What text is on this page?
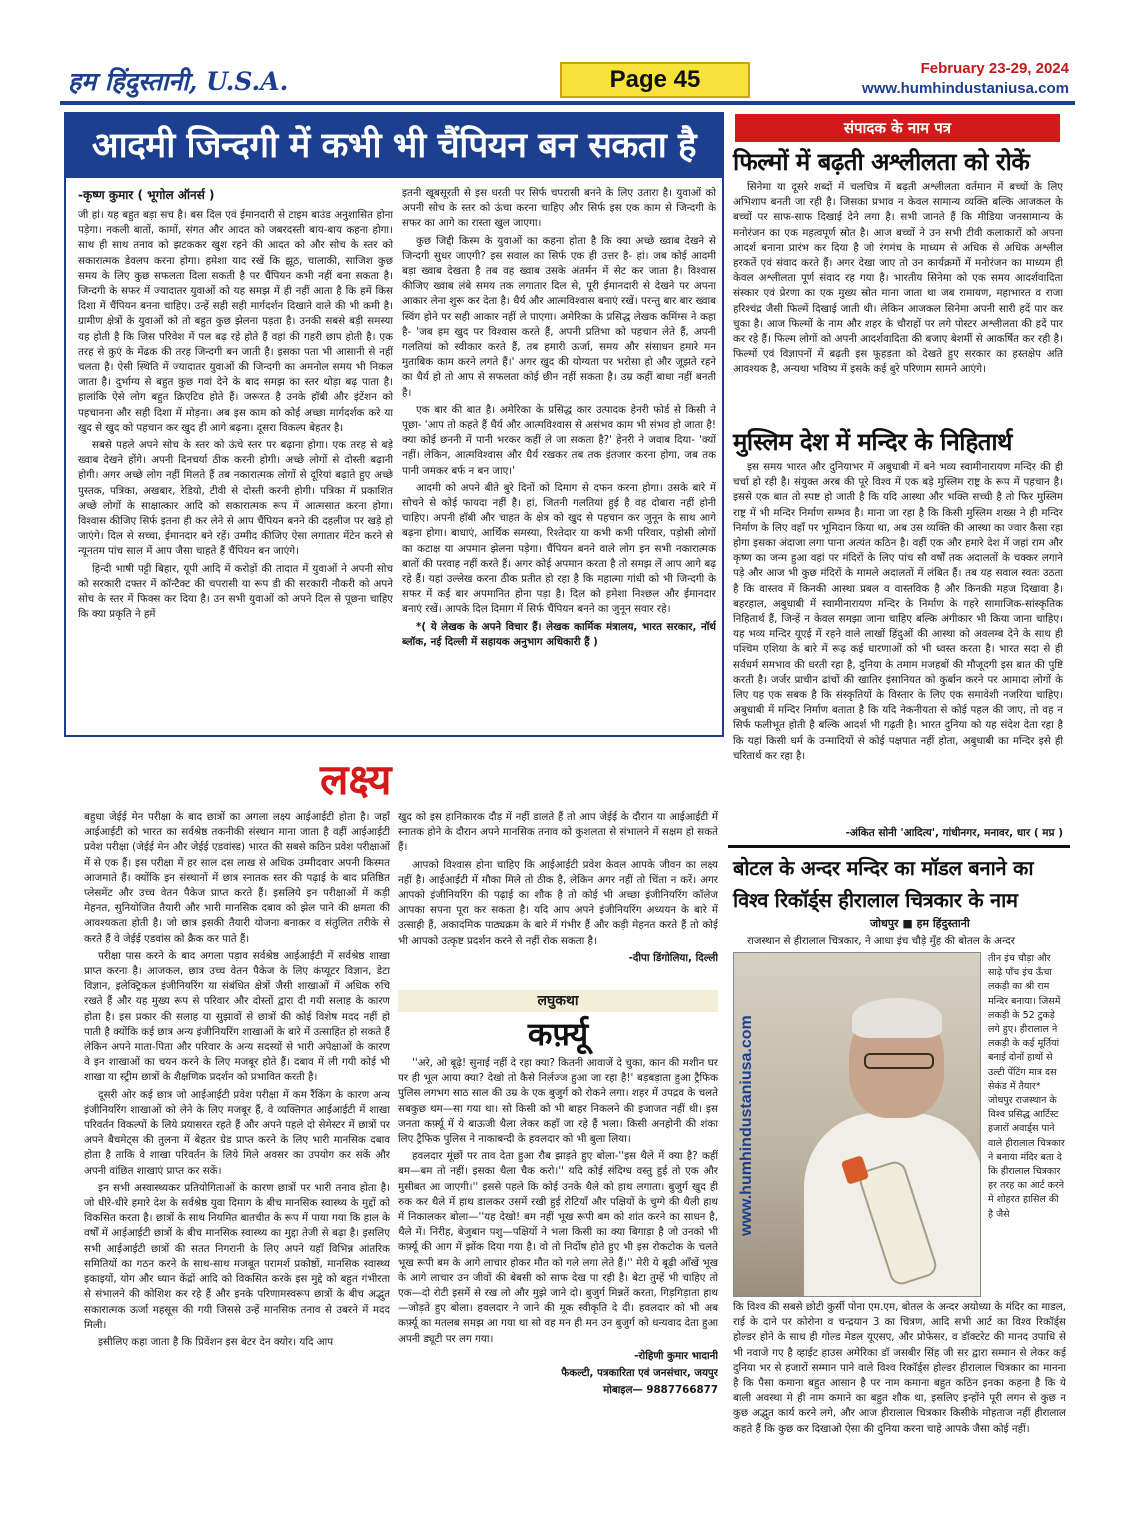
हम हिंदुस्तानी, U.S.A.	Page 45	February 23-29, 2024
www.humhindustaniusa.com
आदमी जिन्दगी में कभी भी चैंपियन बन सकता है
-कृष्ण कुमार ( भूगोल ऑनर्स )

जी हां। यह बहुत बड़ा सच है। बस दिल एवं ईमानदारी से टाइम बाउंड अनुशासित होना पड़ेगा। नकली बातों, कामों, संगत और आदत को जबरदस्ती बाय-बाय कहना होगा। साथ ही साथ तनाव को झटककर खुश रहने की आदत को और सोच के स्तर को सकारात्मक डेवलप करना होगा। हमेशा याद रखें कि झूठ, चालाकी, साजिश कुछ समय के लिए कुछ सफलता दिला सकती है पर चैंपियन कभी नहीं बना सकता है। जिन्दगी के सफर में ज्यादातर युवाओं को यह समझ में ही नहीं आता है कि हमें किस दिशा में चैंपियन बनना चाहिए। उन्हें सही सही मार्गदर्शन दिखाने वाले की भी कमी है। ग्रामीण क्षेत्रों के युवाओं को तो बहुत कुछ झेलना पड़ता है। उनकी सबसे बड़ी समस्या यह होती है कि जिस परिवेश में पल बढ़ रहे होते हैं वहां की गहरी छाप होती है। एक तरह से कुएं के मेंढक की तरह जिन्दगी बन जाती है। इसका पता भी आसानी से नहीं चलता है। ऐसी स्थिति में ज्यादातर युवाओं की जिन्दगी का अमनोल समय भी निकल जाता है। दुर्भाग्य से बहुत कुछ गवां देने के बाद समझ का स्तर थोड़ा बढ़ पाता है। हालांकि ऐसे लोग बहुत क्रिएटिव होते हैं। जरूरत है उनके हॉबी और इंटेंशन को पहचानना और सही दिशा में मोड़ना। अब इस काम को कोई अच्छा मार्गदर्शक करे या खुद से खुद को पहचान कर खुद ही आगे बढ़ना। दूसरा विकल्प बेहतर है।

सबसे पहले अपने सोच के स्तर को ऊंचे स्तर पर बढ़ाना होगा। एक तरह से बड़े ख्वाब देखने होंगे। अपनी दिनचर्या ठीक करनी होगी। अच्छे लोगों से दोस्ती बढ़ानी होगी। अगर अच्छे लोग नहीं मिलते हैं तब नकारात्मक लोगों से दूरियां बढ़ाते हुए अच्छे पुस्तक, पत्रिका, अखबार, रेडियो, टीवी से दोस्ती करनी होगी। पत्रिका में प्रकाशित अच्छे लोगों के साक्षात्कार आदि को सकारात्मक रूप में आत्मसात करना होगा। विश्वास कीजिए सिर्फ इतना ही कर लेने से आप चैंपियन बनने की दहलीज पर खड़े हो जाएंगे। दिल से सच्चा, ईमानदार बने रहें। उम्मीद कीजिए ऐसा लगातार मेंटेन करने से न्यूनतम पांच साल में आप जैसा चाहते हैं चैंपियन बन जाएंगे।

हिन्दी भाषी पट्टी बिहार, यूपी आदि में करोड़ों की तादात में युवाओं ने अपनी सोच को सरकारी दफ्तर में कॉन्टैक्ट की चपरासी या रूप डी की सरकारी नौकरी को अपने सोच के स्तर में फिक्स कर दिया है। उन सभी युवाओं को अपने दिल से पूछना चाहिए कि क्या प्रकृति ने हमें

इतनी खूबसूरती से इस धरती पर सिर्फ चपरासी बनने के लिए उतारा है। युवाओं को अपनी सोच के स्तर को ऊंचा करना चाहिए और सिर्फ इस एक काम से जिन्दगी के सफर का आगे का रास्ता खुल जाएगा।

कुछ जिद्दी किस्म के युवाओं का कहना होता है कि क्या अच्छे ख्वाब देखने से जिन्दगी सुधर जाएगी? इस सवाल का सिर्फ एक ही उत्तर है- हां। जब कोई आदमी बड़ा ख्वाब देखता है तब वह ख्वाब उसके अंतर्मन में सेट कर जाता है। विश्वास कीजिए ख्वाब लंबे समय तक लगातार दिल से, पूरी ईमानदारी से देखने पर अपना आकार लेना शुरू कर देता है। धैर्य और आत्मविश्वास बनाएं रखें। परन्तु बार बार ख्वाब स्विंग होने पर सही आकार नहीं ले पाएगा। अमेरिका के प्रसिद्ध लेखक कमिंग्स ने कहा है- 'जब हम खुद पर विश्वास करते हैं, अपनी प्रतिभा को पहचान लेते हैं, अपनी गलतियां को स्वीकार करते हैं, तब हमारी ऊर्जा, समय और संसाधन हमारे मन मुताबिक काम करने लगते हैं।' अगर खुद की योग्यता पर भरोसा हो और जूझते रहने का धैर्य हो तो आप से सफलता कोई छीन नहीं सकता है। उम्र कहीं बाधा नहीं बनती है।

एक बार की बात है। अमेरिका के प्रसिद्ध कार उत्पादक हेनरी फोर्ड से किसी ने पूछा- 'आप तो कहते हैं धैर्य और आत्मविश्वास से असंभव काम भी संभव हो जाता है! क्या कोई छननी में पानी भरकर कहीं ले जा सकता है?' हेनरी ने जवाब दिया- 'क्यों नहीं। लेकिन, आत्मविश्वास और धैर्य रखकर तब तक इंतजार करना होगा, जब तक पानी जमकर बर्फ न बन जाए।'

आदमी को अपने बीते बुरे दिनों को दिमाग से दफन करना होगा। उसके बारे में सोचने से कोई फायदा नहीं है। हां, जितनी गलतियां हुई है वह दोबारा नहीं होनी चाहिए। अपनी हॉबी और चाहत के क्षेत्र को खुद से पहचान कर जुनून के साथ आगे बढ़ना होगा। बाधाएं, आर्थिक समस्या, रिश्तेदार या कभी कभी परिवार, पड़ोसी लोगों का कटाक्ष या अपमान झेलना पड़ेगा। चैंपियन बनने वाले लोग इन सभी नकारात्मक बातों की परवाह नहीं करते हैं। अगर कोई अपमान करता है तो समझ लें आप आगे बढ़ रहे हैं। यहां उल्लेख करना ठीक प्रतीत हो रहा है कि महात्मा गांधी को भी जिन्दगी के सफर में कई बार अपमानित होना पड़ा है। दिल को हमेशा निश्छल और ईमानदार बनाएं रखें। आपके दिल दिमाग में सिर्फ चैंपियन बनने का जुनून सवार रहे।

*( ये लेखक के अपने विचार हैं। लेखक कार्मिक मंत्रालय, भारत सरकार, नॉर्थ ब्लॉक, नई दिल्ली में सहायक अनुभाग अधिकारी हैं )

लक्ष्य

बहुधा जेईई मेन परीक्षा के बाद छात्रों का अगला लक्ष्य आईआईटी होता है। जहाँ आईआईटी को भारत का सर्वश्रेष्ठ तकनीकी संस्थान माना जाता है वहीं आईआईटी प्रवेश परीक्षा (जेईई मेन और जेईई एडवांस्ड) भारत की सबसे कठिन प्रवेश परीक्षाओं में से एक हैं। इस परीक्षा में हर साल दस लाख से अधिक उम्मीदवार अपनी किस्मत आजमाते हैं। क्योंकि इन संस्थानों में छात्र स्नातक स्तर की पढ़ाई के बाद प्रतिष्ठित प्लेसमेंट और उच्च वेतन पैकेज प्राप्त करते हैं। इसलिये इन परीक्षाओं में कड़ी मेहनत, सुनियोजित तैयारी और भारी मानसिक दबाव को झेल पाने की क्षमता की आवश्यकता होती है। जो छात्र इसकी तैयारी योजना बनाकर व संतुलित तरीके से करते हैं वे जेईई एडवांस को क्रैक कर पाते हैं।

परीक्षा पास करने के बाद अगला पड़ाव सर्वश्रेष्ठ आईआईटी में सर्वश्रेष्ठ शाखा प्राप्त करना है। आजकल, छात्र उच्च वेतन पैकेज के लिए कंप्यूटर विज्ञान, डेटा विज्ञान, इलेक्ट्रिकल इंजीनियरिंग या संबंधित क्षेत्रों जैसी शाखाओं में अधिक रुचि रखते हैं और यह मुख्य रूप से परिवार और दोस्तों द्वारा दी गयी सलाह के कारण होता है। इस प्रकार की सलाह या सुझावों से छात्रों की कोई विशेष मदद नहीं हो पाती है क्योंकि कई छात्र अन्य इंजीनियरिंग शाखाओं के बारे में उत्साहित हो सकते हैं लेकिन अपने माता-पिता और परिवार के अन्य सदस्यों से भारी अपेक्षाओं के कारण वे इन शाखाओं का चयन करने के लिए मजबूर होते हैं। दबाव में ली गयी कोई भी शाखा या स्ट्रीम छात्रों के शैक्षणिक प्रदर्शन को प्रभावित करती है।

दूसरी ओर कई छात्र जो आईआईटी प्रवेश परीक्षा में कम रैंकिंग के कारण अन्य इंजीनियरिंग शाखाओं को लेने के लिए मजबूर हैं, वे व्यक्तिगत आईआईटी में शाखा परिवर्तन विकल्पों के लिये प्रयासरत रहते हैं और अपने पहले दो सेमेस्टर में छात्रों पर अपने बैचमेट्स की तुलना में बेहतर ग्रेड प्राप्त करने के लिए भारी मानसिक दबाव होता है ताकि वे शाखा परिवर्तन के लिये मिले अवसर का उपयोग कर सकें और अपनी वांछित शाखाएं प्राप्त कर सकें।

इन सभी अस्वास्थ्यकर प्रतियोगिताओं के कारण छात्रों पर भारी तनाव होता है। जो धीरे-धीरे हमारे देश के सर्वश्रेष्ठ युवा दिमाग के बीच मानसिक स्वास्थ्य के मुद्दों को विकसित करता है। छात्रों के साथ नियमित बातचीत के रूप में पाया गया कि हाल के वर्षों में आईआईटी छात्रों के बीच मानसिक स्वास्थ्य का मुद्दा तेजी से बढ़ा है। इसलिए सभी आईआईटी छात्रों की सतत निगरानी के लिए अपने यहाँ विभिन्न आंतरिक समितियों का गठन करने के साथ-साथ मजबूत परामर्श प्रकोष्ठों, मानसिक स्वास्थ्य इकाइयों, योग और ध्यान केंद्रों आदि को विकसित करके इस मुद्दे को बहुत गंभीरता से संभालने की कोशिश कर रहे हैं और इनके परिणामस्वरूप छात्रों के बीच अद्भुत सकारात्मक ऊर्जा महसूस की गयी जिससे उन्हें मानसिक तनाव से उबरने में मदद मिली।

इसीलिए कहा जाता है कि प्रिवेंशन इस बेटर देन क्योर। यदि आप

खुद को इस हानिकारक दौड़ में नहीं डालते हैं तो आप जेईई के दौरान या आईआईटी में स्नातक होने के दौरान अपने मानसिक तनाव को कुशलता से संभालने में सक्षम हो सकते हैं।

आपको विश्वास होना चाहिए कि आईआईटी प्रवेश केवल आपके जीवन का लक्ष्य नहीं है। आईआईटी में मौका मिले तो ठीक है, लेकिन अगर नहीं तो चिंता न करें। अगर आपको इंजीनियरिंग की पढ़ाई का शौक है तो कोई भी अच्छा इंजीनियरिंग कॉलेज आपका सपना पूरा कर सकता है। यदि आप अपने इंजीनियरिंग अध्ययन के बारे में उत्साही हैं, अकादमिक पाठ्यक्रम के बारे में गंभीर हैं और कड़ी मेहनत करते हैं तो कोई भी आपको उत्कृष्ट प्रदर्शन करने से नहीं रोक सकता है।

-दीपा डिंगोलिया, दिल्ली

लघुकथा
कर्फ़्यू

''अरे, ओ बूढ़े! सुनाई नहीं दे रहा क्या? कितनी आवाजें दे चुका, कान की मशीन घर पर ही भूल आया क्या? देखो तो कैसे निर्लज्ज हुआ जा रहा है!' बड़बड़ाता हुआ ट्रैफिक पुलिस लगभग साठ साल की उम्र के एक बुजुर्ग को रोकने लगा। शहर में उपद्रव के चलते सबकुछ थम—सा गया था। सो किसी को भी बाहर निकलने की इजाजत नहीं थी। इस जनता कर्फ़्यू में ये बाऊजी थैला लेकर कहाँ जा रहे हैं भला। किसी अनहोनी की शंका लिए ट्रैफिक पुलिस ने नाकाबन्दी के हवलदार को भी बुला लिया।

हवलदार मूंछों पर ताव देता हुआ रौब झाड़ते हुए बोला-''इस थैले में क्या है? कहीं बम—बम तो नहीं। इसका थैला चैक करो।'' यदि कोई संदिग्ध वस्तु हुई तो एक और मुसीबत आ जाएगी।'' इससे पहले कि कोई उनके थैले को हाथ लगाता। बुजुर्ग खुद ही रुक कर थैले में हाथ डालकर उसमें रखी हुई रोटियाँ और पक्षियों के चुग्गे की थैली हाथ में निकालकर बोला—''यह देखो! बम नहीं भूख रूपी बम को शांत करने का साधन है, थैले में। निरीह, बेजुबान पशु—पक्षियों ने भला किसी का क्या बिगाड़ा है जो उनको भी कर्फ़्यू की आग में झोंक दिया गया है। वो तो निर्दोष होते हुए भी इस रोकटोक के चलते भूख रूपी बम के आगे लाचार होकर मौत को गले लगा लेते हैं।'' मेरी ये बूढ़ी आँखें भूख के आगे लाचार उन जीवों की बेबसी को साफ देख पा रही है। बेटा तुम्हें भी चाहिए तो एक—दो रोटी इसमें से रख लो और मुझे जाने दो। बुजुर्ग मिन्नतें करता, गिड़गिड़ाता हाथ—जोड़ते हुए बोला। हवलदार ने जाने की मूक स्वीकृति दे दी। हवलदार को भी अब कर्फ़्यू का मतलब समझ आ गया था सो वह मन ही मन उन बुजुर्ग को धन्यवाद देता हुआ अपनी ड्यूटी पर लग गया।

-रोहिणी कुमार भादानी

फैकल्टी, पत्रकारिता एवं जनसंचार, जयपुर

मोबाइल— 9887766877

संपादक के नाम पत्र
फिल्मों में बढ़ती अश्लीलता को रोकें

सिनेमा या दूसरे शब्दों में चलचित्र में बढ़ती अश्लीलता वर्तमान में बच्चों के लिए अभिशाप बनती जा रही है। जिसका प्रभाव न केवल सामान्य व्यक्ति बल्कि आजकल के बच्चों पर साफ-साफ दिखाई देने लगा है। सभी जानते हैं कि मीडिया जनसामान्य के मनोरंजन का एक महत्वपूर्ण स्रोत है। आज बच्चों ने उन सभी टीवी कलाकारों को अपना आदर्श बनाना प्रारंभ कर दिया है जो रंगमंच के माध्यम से अधिक से अधिक अश्लील हरकतें एवं संवाद करते हैं। अगर देखा जाए तो उन कार्यक्रमों में मनोरंजन का माध्यम ही केवल अश्लीलता पूर्ण संवाद रह गया है। भारतीय सिनेमा को एक समय आदर्शवादिता संस्कार एवं प्रेरणा का एक मुख्य स्रोत माना जाता था जब रामायण, महाभारत व राजा हरिश्चंद्र जैसी फिल्में दिखाई जाती थी। लेकिन आजकल सिनेमा अपनी सारी हदें पार कर चुका है। आज फिल्मों के नाम और शहर के चौराहों पर लगे पोस्टर अश्लीलता की हदें पार कर रहे हैं। फिल्म लोगों को अपनी आदर्शवादिता की बजाए बेशर्मी से आकर्षित कर रही है। फिल्मों एवं विज्ञापनों में बढ़ती इस फूहड़ता को देखते हुए सरकार का हस्तक्षेप अति आवश्यक है, अन्यथा भविष्य में इसके कई बुरे परिणाम सामने आएंगे।

मुस्लिम देश में मन्दिर के निहितार्थ

इस समय भारत और दुनियाभर में अबुधाबी में बने भव्य स्वामीनारायण मन्दिर की ही चर्चा हो रही है। संयुक्त अरब की पूरे विश्व में एक बड़े मुस्लिम राष्ट्र के रूप में पहचान है। इससे एक बात तो स्पष्ट हो जाती है कि यदि आस्था और भक्ति सच्ची है तो फिर मुस्लिम राष्ट्र में भी मन्दिर निर्माण सम्भव है। माना जा रहा है कि किसी मुस्लिम शख्स ने ही मन्दिर निर्माण के लिए वहाँ पर भूमिदान किया था, अब उस व्यक्ति की आस्था का ज्वार कैसा रहा होगा इसका अंदाजा लगा पाना अत्यंत कठिन है। वहीं एक और हमारे देश में जहां राम और कृष्ण का जन्म हुआ वहां पर मंदिरों के लिए पांच सौ वर्षों तक अदालतों के चक्कर लगाने पड़े और आज भी कुछ मंदिरों के मामले अदालतों में लंबित हैं। तब यह सवाल स्वतः उठता है कि वास्तव में किनकी आस्था प्रबल व वास्तविक है और किनकी महज दिखावा है। बहरहाल, अबुधाबी में स्वामीनारायण मन्दिर के निर्माण के गहरे सामाजिक-सांस्कृतिक निहितार्थ हैं, जिन्हें न केवल समझा जाना चाहिए बल्कि अंगीकार भी किया जाना चाहिए। यह भव्य मन्दिर यूएई में रहने वाले लाखों हिंदुओं की आस्था को अवलम्ब देने के साथ ही पश्चिम एशिया के बारे में रूढ़ कई धारणाओं को भी ध्वस्त करता है। भारत सदा से ही सर्वधर्म समभाव की धरती रहा है, दुनिया के तमाम मजहबों की मौजूदगी इस बात की पुष्टि करती है। जर्जर प्राचीन ढांचों की खातिर इंसानियत को कुर्बान करने पर आमादा लोगों के लिए यह एक सबक है कि संस्कृतियों के विस्तार के लिए एक समावेशी नजरिया चाहिए। अबुधाबी में मन्दिर निर्माण बताता है कि यदि नेकनीयता से कोई पहल की जाए, तो वह न सिर्फ फलीभूत होती है बल्कि आदर्श भी गढ़ती है। भारत दुनिया को यह संदेश देता रहा है कि यहां किसी धर्म के उन्मादियों से कोई पक्षपात नहीं होता, अबुधाबी का मन्दिर इसे ही चरितार्थ कर रहा है।

-अंकित सोनी 'आदित्य', गांधीनगर, मनावर, धार ( मप्र )
बोटल के अन्दर मन्दिर का मॉडल बनाने का विश्व रिकॉर्ड्स हीरालाल चित्रकार के नाम
जोधपुर ■ हम हिंदुस्तानी

राजस्थान से हीरालाल चित्रकार, ने आधा इंच चौड़े मुँह की बोतल के अन्दर

www.humhindustaniusa.com

तीन इंच चौड़ा और साढ़े पाँच इंच ऊँचा लकड़ी का श्री राम मन्दिर बनाया। जिसमें लकड़ी के 52 टुकड़े लगे हुए। हीरालाल ने लकड़ी के कई मूर्तियां बनाई दोनों हाथों से उल्टी पेंटिंग मात्र दस सेकंड में तैयार* जोधपुर राजस्थान के विश्व प्रसिद्ध आर्टिस्ट हजारों अवार्ड्स पाने वाले हीरालाल चित्रकार ने बनाया मंदिर बता दे कि हीरालाल चित्रकार हर तरह का आर्ट करने मे शोहरत हासिल की है जैसे

कि विश्व की सबसे छोटी कुर्सी पोना एम.एम, बोतल के अन्दर अयोध्या के मंदिर का माडल, राई के दाने पर कोरोना व चन्द्रयान 3 का चित्रण, आदि सभी आर्ट का विश्व रिकॉर्ड्स होल्डर होने के साथ ही गोल्ड मेडल यूएसए, और प्रोफेसर, व डॉक्टरेट की मानद उपाधि से भी नवाजे गए है व्हाईट हाउस अमेरिका डॉ जसबीर सिंह जी सर द्वारा सम्मान से लेकर कई दुनिया भर से हजारों सम्मान पाने वाले विश्व रिकॉर्ड्स होल्डर हीरालाल चित्रकार का मानना है कि पैसा कमाना बहुत आसान है पर नाम कमाना बहुत कठिन इनका कहना है कि ये बाली अवस्था मे ही नाम कमाने का बहुत शौक था, इसलिए इन्होंने पूरी लगन से कुछ न कुछ अद्भुत कार्य करने लगे, और आज हीरालाल चित्रकार किसीके मोहताज नहीं हीरालाल कहते हैं कि कुछ कर दिखाओ ऐसा की दुनिया करना चाहे आपके जैसा कोई नहीं।
